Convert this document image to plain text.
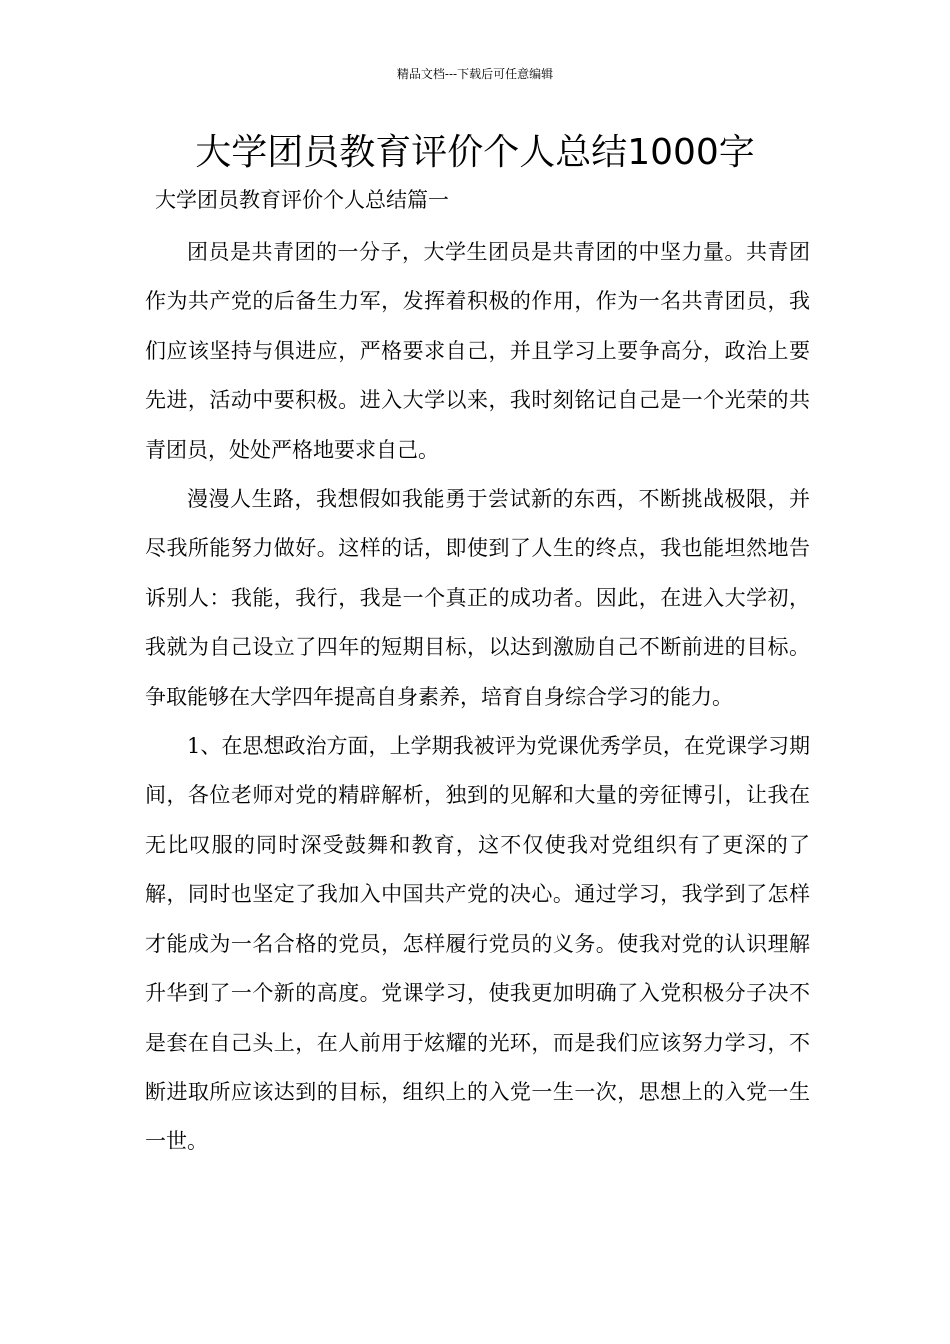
精品文档---下载后可任意编辑
大学团员教育评价个人总结1000字
大学团员教育评价个人总结篇一

团员是共青团的一分子，大学生团员是共青团的中坚力量。共青团作为共产党的后备生力军，发挥着积极的作用，作为一名共青团员，我们应该坚持与俱进应，严格要求自己，并且学习上要争高分，政治上要先进，活动中要积极。进入大学以来，我时刻铭记自己是一个光荣的共青团员，处处严格地要求自己。

漫漫人生路，我想假如我能勇于尝试新的东西，不断挑战极限，并尽我所能努力做好。这样的话，即使到了人生的终点，我也能坦然地告诉别人：我能，我行，我是一个真正的成功者。因此，在进入大学初，我就为自己设立了四年的短期目标，以达到激励自己不断前进的目标。争取能够在大学四年提高自身素养，培育自身综合学习的能力。

1、在思想政治方面，上学期我被评为党课优秀学员，在党课学习期间，各位老师对党的精辟解析，独到的见解和大量的旁征博引，让我在无比叹服的同时深受鼓舞和教育，这不仅使我对党组织有了更深的了解，同时也坚定了我加入中国共产党的决心。通过学习，我学到了怎样才能成为一名合格的党员，怎样履行党员的义务。使我对党的认识理解升华到了一个新的高度。党课学习，使我更加明确了入党积极分子决不是套在自己头上，在人前用于炫耀的光环，而是我们应该努力学习，不断进取所应该达到的目标，组织上的入党一生一次，思想上的入党一生一世。
